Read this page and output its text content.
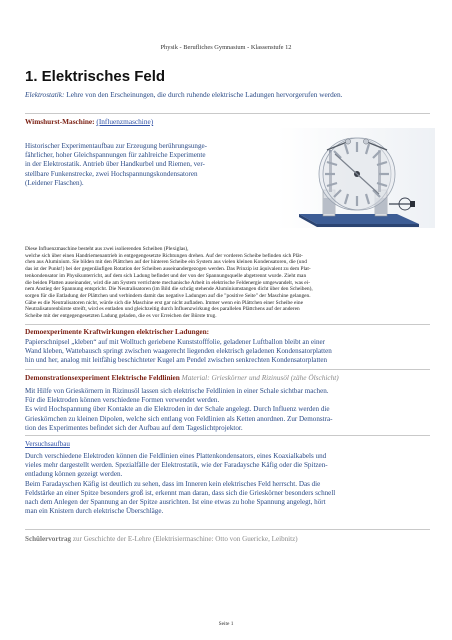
Physik - Berufliches Gymnasium - Klassenstufe 12
1. Elektrisches Feld
Elektrostatik: Lehre von den Erscheinungen, die durch ruhende elektrische Ladungen hervorgerufen werden.
Wimshurst-Maschine: (Influenzmaschine)
Historischer Experimentaufbau zur Erzeugung berührungsunge-
fährlicher, hoher Gleichspannungen für zahlreiche Experimente
in der Elektrostatik. Antrieb über Handkurbel und Riemen, ver-
stellbare Funkenstrecke, zwei Hochspannungskondensatoren
(Leidener Flaschen).
Diese Influenzmaschine besteht aus zwei isolierenden Scheiben (Plexiglas),
welche sich über einen Handriemenantrieb in entgegengesetzte Richtungen drehen. Auf der vorderen Scheibe befinden sich Plät-
chen aus Aluminium. Sie bilden mit den Plättchen auf der hinteren Scheibe ein System aus vielen kleinen Kondensatoren, die (und
das ist der Punkt!) bei der gegenläufigen Rotation der Scheiben auseinandergezogen werden. Das Prinzip ist äquivalent zu dem Plat-
tenkondensator im Physikunterricht, auf dem sich Ladung befindet und der von der Spannungsquelle abgetrennt wurde. Zieht man
die beiden Platten auseinander, wird die am System verrichtete mechanische Arbeit in elektrische Feldenergie umgewandelt, was ei-
nem Anstieg der Spannung entspricht. Die Neutralisatoren (im Bild die schräg stehende Aluminiumstangen dicht über den Scheiben),
sorgen für die Entladung der Plättchen und verbindern damit das negative Ladungen auf die "positive Seite" der Maschine gelangen.
Gäbe es die Neutralisatoren nicht, würde sich die Maschine erst gar nicht aufladen. Immer wenn ein Plättchen einer Scheibe eine
Neutralisatorenbürste streift, wird es entladen und gleichzeitig durch Influenzwirkung des parallelen Plättchens auf der anderen
Scheibe mit der entgegengesetzten Ladung geladen, die es vor Erreichen der Bürste trug.
Demoexperimente Kraftwirkungen elektrischer Ladungen:
Papierschnipsel „kleben“ auf mit Wolltuch geriebene Kunststofffolie, geladener Luftballon bleibt an einer
Wand kleben, Wattebausch springt zwischen waagerecht liegenden elektrisch geladenen Kondensatorplatten
hin und her, analog mit leitfähig beschichteter Kugel am Pendel zwischen senkrechten Kondensatorplatten
Demonstrationsexperiment Elektrische Feldlinien Material: Grieskörner und Rizinusöl (zähe Ölschicht)
Mit Hilfe von Grieskörnern in Rizinusöl lassen sich elektrische Feldlinien in einer Schale sichtbar machen.
Für die Elektroden können verschiedene Formen verwendet werden.
Es wird Hochspannung über Kontakte an die Elektroden in der Schale angelegt. Durch Influenz werden die
Grieskörnchen zu kleinen Dipolen, welche sich entlang von Feldlinien als Ketten anordnen. Zur Demonstra-
tion des Experimentes befindet sich der Aufbau auf dem Tageslichtprojektor.
Versuchsaufbau
Durch verschiedene Elektroden können die Feldlinien eines Plattenkondensators, eines Koaxialkabels und
vieles mehr dargestellt werden. Spezialfälle der Elektrostatik, wie der Faradaysche Käfig oder die Spitzen-
entladung können gezeigt werden.
Beim Faradayschen Käfig ist deutlich zu sehen, dass im Inneren kein elektrisches Feld herrscht. Das die
Feldstärke an einer Spitze besonders groß ist, erkennt man daran, dass sich die Grieskörner besonders schnell
nach dem Anlegen der Spannung an der Spitze ausrichten. Ist eine etwas zu hohe Spannung angelegt, hört
man ein Knistern durch elektrische Überschläge.
Schülervortrag zur Geschichte der E-Lehre (Elektrisiermaschine: Otto von Guericke, Leibnitz)
Seite 1
